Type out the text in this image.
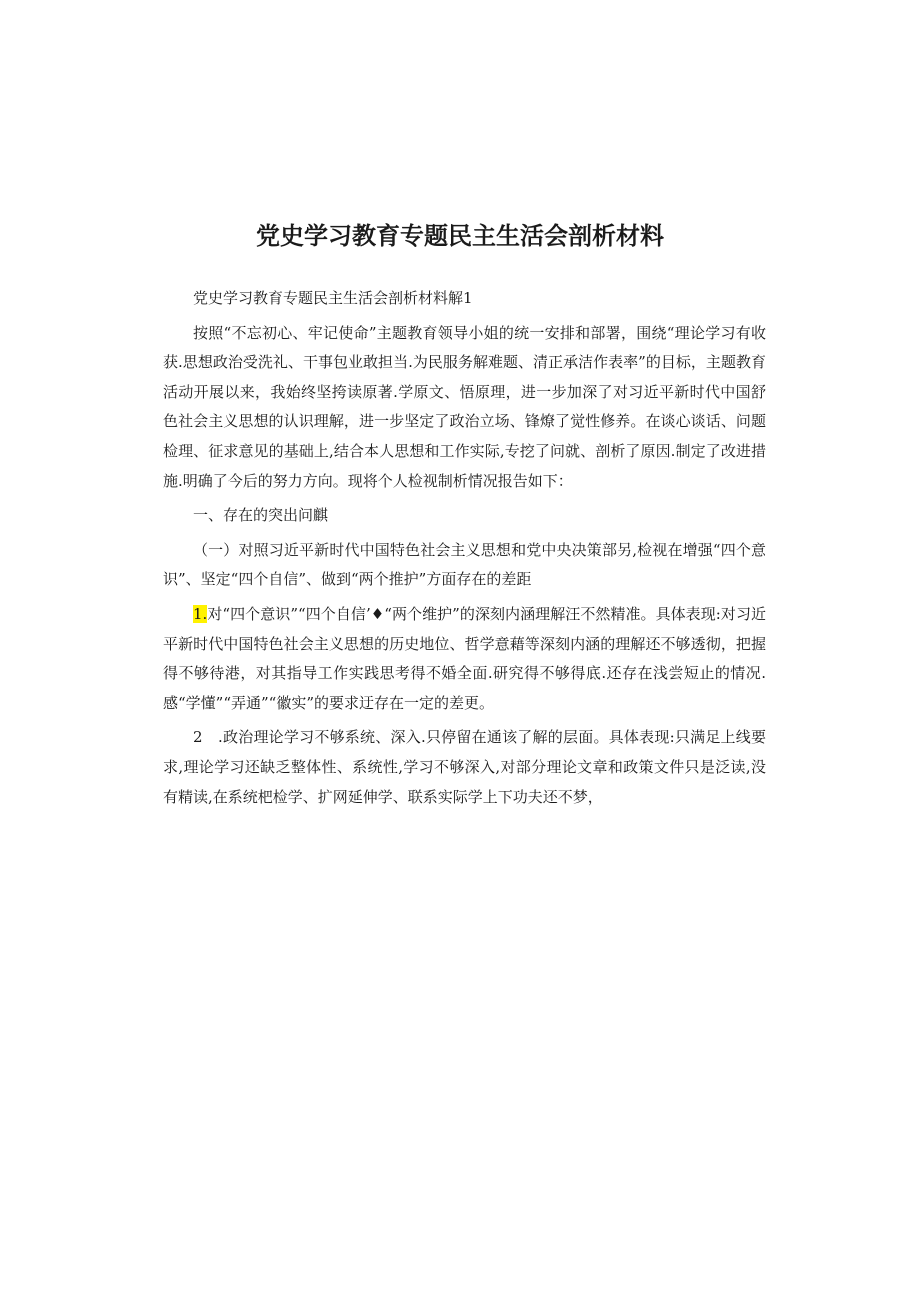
党史学习教育专题民主生活会剖析材料

党史学习教育专题民主生活会剖析材料解1

按照“不忘初心、牢记使命”主题教育领导小姐的统一安排和部署，围绕“理论学习有收获.思想政治受洗礼、干事包业敢担当.为民服务解难题、清正承洁作表率”的目标，主题教育活动开展以来，我始终坚挎读原著.学原文、悟原理，进一步加深了对习近平新时代中国舒色社会主义思想的认识理解，进一步坚定了政治立场、锋燎了觉性修养。在谈心谈话、问题检理、征求意见的基础上,结合本人思想和工作实际,专挖了问就、剖析了原因.制定了改进措施.明确了今后的努力方向。现将个人检视制析情况报告如下：

一、存在的突出问麒

（一）对照习近平新时代中国特色社会主义思想和党中央决策部另,检视在增强“四个意识”、坚定“四个自信”、做到“两个推护”方面存在的差距

1.对“四个意识”“四个自信’♦“两个维护”的深刻内涵理解汪不然精准。具体表现:对习近平新时代中国特色社会主义思想的历史地位、哲学意藉等深刻内涵的理解还不够透彻，把握得不够待港，对其指导工作实践思考得不婚全面.研究得不够得底.还存在浅尝短止的情况.感“学懂”“弄通”“徽实”的要求迂存在一定的差更。

2　.政治理论学习不够系统、深入.只停留在通该了解的层面。具体表现:只满足上线要求,理论学习还缺乏整体性、系统性,学习不够深入,对部分理论文章和政策文件只是泛读,没有精读,在系统杷检学、扩网延伸学、联系实际学上下功夫还不梦，
